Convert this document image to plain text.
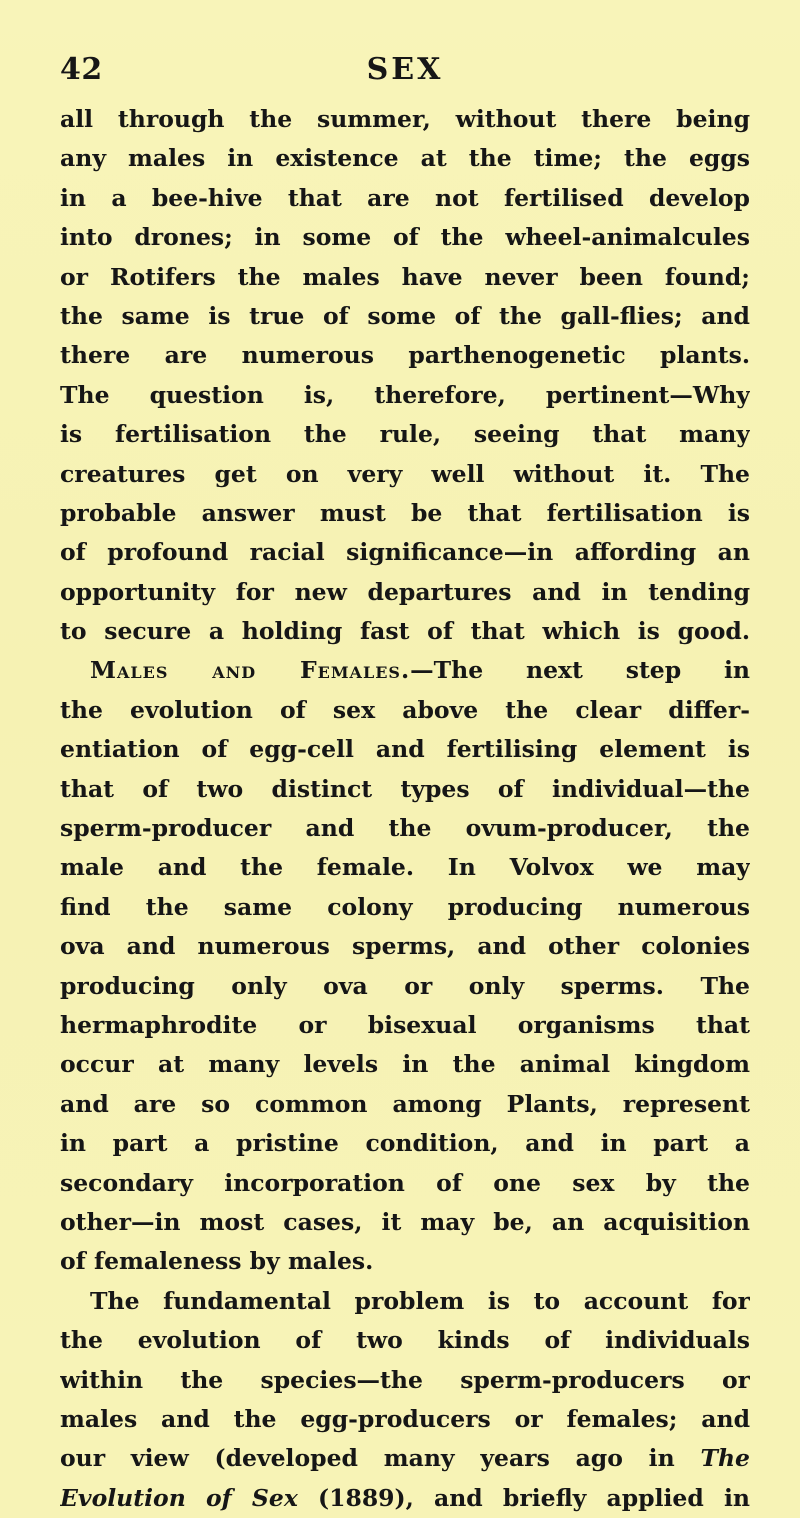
42	SEX
all through the summer, without there being
any males in existence at the time; the eggs
in a bee-hive that are not fertilised develop
into drones; in some of the wheel-animalcules
or Rotifers the males have never been found;
the same is true of some of the gall-flies; and
there are numerous parthenogenetic plants.
The question is, therefore, pertinent—Why
is fertilisation the rule, seeing that many
creatures get on very well without it. The
probable answer must be that fertilisation is
of profound racial significance—in affording an
opportunity for new departures and in tending
to secure a holding fast of that which is good.
Males and Females.—The next step in
the evolution of sex above the clear differ-
entiation of egg-cell and fertilising element is
that of two distinct types of individual—the
sperm-producer and the ovum-producer, the
male and the female. In Volvox we may
find the same colony producing numerous
ova and numerous sperms, and other colonies
producing only ova or only sperms. The
hermaphrodite or bisexual organisms that
occur at many levels in the animal kingdom
and are so common among Plants, represent
in part a pristine condition, and in part a
secondary incorporation of one sex by the
other—in most cases, it may be, an acquisition
of femaleness by males.
The fundamental problem is to account for
the evolution of two kinds of individuals
within the species—the sperm-producers or
males and the egg-producers or females; and
our view (developed many years ago in The
Evolution of Sex (1889), and briefly applied in
